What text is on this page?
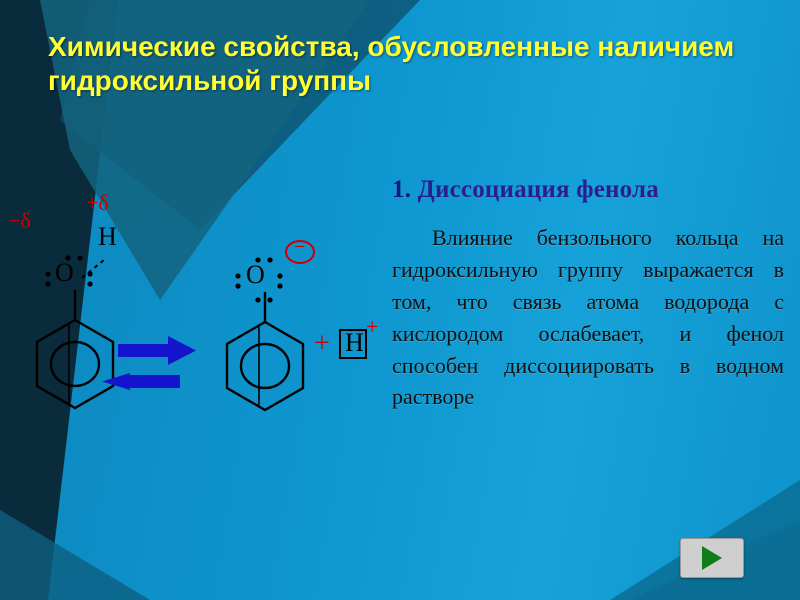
Химические свойства, обусловленные наличием гидроксильной группы
1. Диссоциация фенола
Влияние бензольного кольца на гидроксильную группу выражается в том, что связь атома водорода с кислородом ослабевает, и фенол способен диссоциировать в водном растворе
−δ
+δ
O
H
O
−
+ H
+
